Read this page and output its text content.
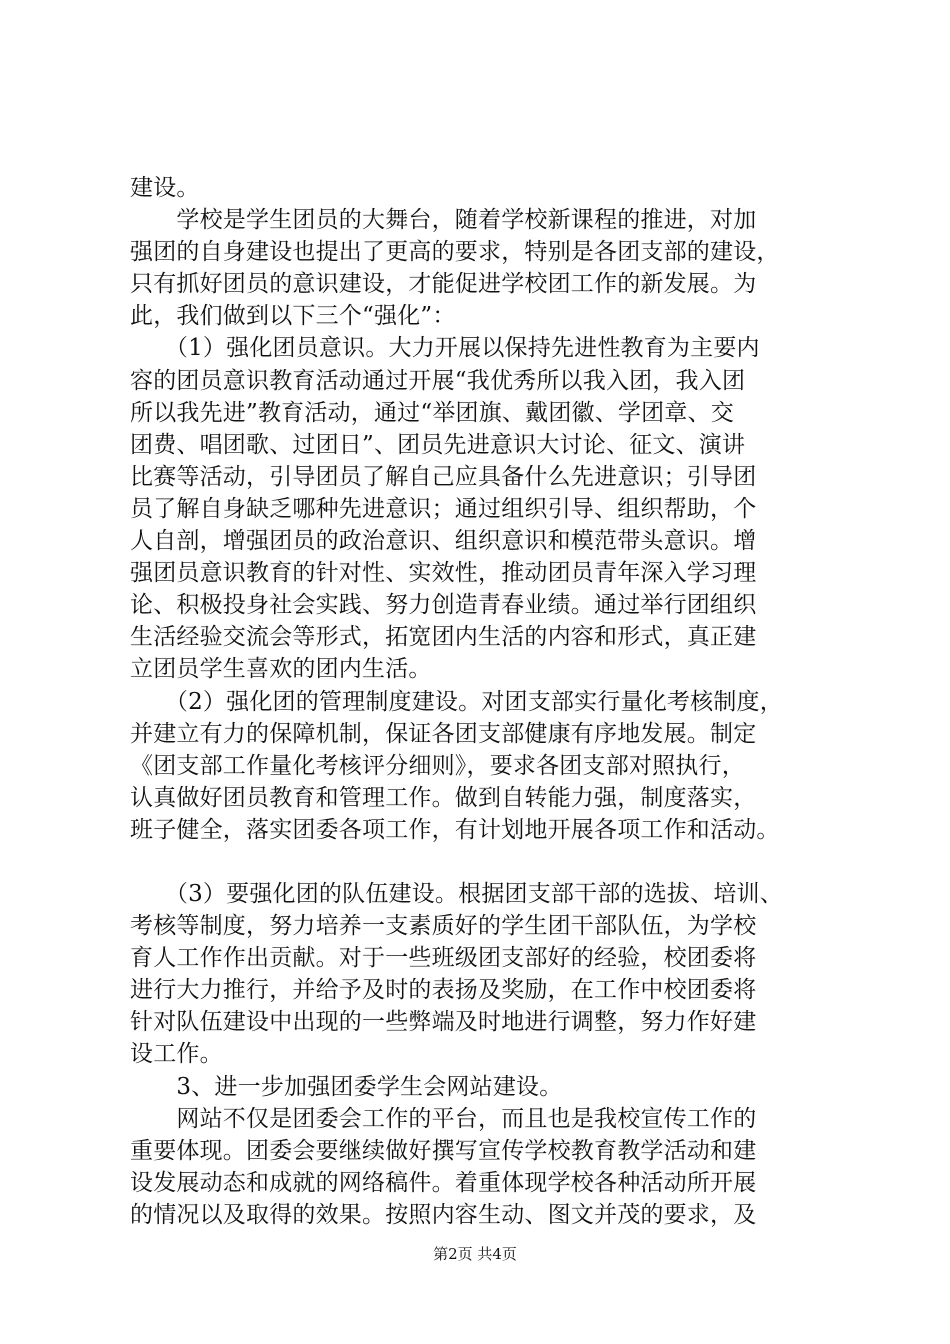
建设。
　　学校是学生团员的大舞台，随着学校新课程的推进，对加
强团的自身建设也提出了更高的要求，特别是各团支部的建设，
只有抓好团员的意识建设，才能促进学校团工作的新发展。为
此，我们做到以下三个“强化”：
　　（1）强化团员意识。大力开展以保持先进性教育为主要内
容的团员意识教育活动通过开展“我优秀所以我入团，我入团
所以我先进”教育活动，通过“举团旗、戴团徽、学团章、交
团费、唱团歌、过团日”、团员先进意识大讨论、征文、演讲
比赛等活动，引导团员了解自己应具备什么先进意识；引导团
员了解自身缺乏哪种先进意识；通过组织引导、组织帮助，个
人自剖，增强团员的政治意识、组织意识和模范带头意识。增
强团员意识教育的针对性、实效性，推动团员青年深入学习理
论、积极投身社会实践、努力创造青春业绩。通过举行团组织
生活经验交流会等形式，拓宽团内生活的内容和形式，真正建
立团员学生喜欢的团内生活。
　　（2）强化团的管理制度建设。对团支部实行量化考核制度，
并建立有力的保障机制，保证各团支部健康有序地发展。制定
《团支部工作量化考核评分细则》，要求各团支部对照执行，
认真做好团员教育和管理工作。做到自转能力强，制度落实，
班子健全，落实团委各项工作，有计划地开展各项工作和活动。
　　（3）要强化团的队伍建设。根据团支部干部的选拔、培训、
考核等制度，努力培养一支素质好的学生团干部队伍，为学校
育人工作作出贡献。对于一些班级团支部好的经验，校团委将
进行大力推行，并给予及时的表扬及奖励，在工作中校团委将
针对队伍建设中出现的一些弊端及时地进行调整，努力作好建
设工作。
　　3、进一步加强团委学生会网站建设。
　　网站不仅是团委会工作的平台，而且也是我校宣传工作的
重要体现。团委会要继续做好撰写宣传学校教育教学活动和建
设发展动态和成就的网络稿件。着重体现学校各种活动所开展
的情况以及取得的效果。按照内容生动、图文并茂的要求，及
第2页 共4页
